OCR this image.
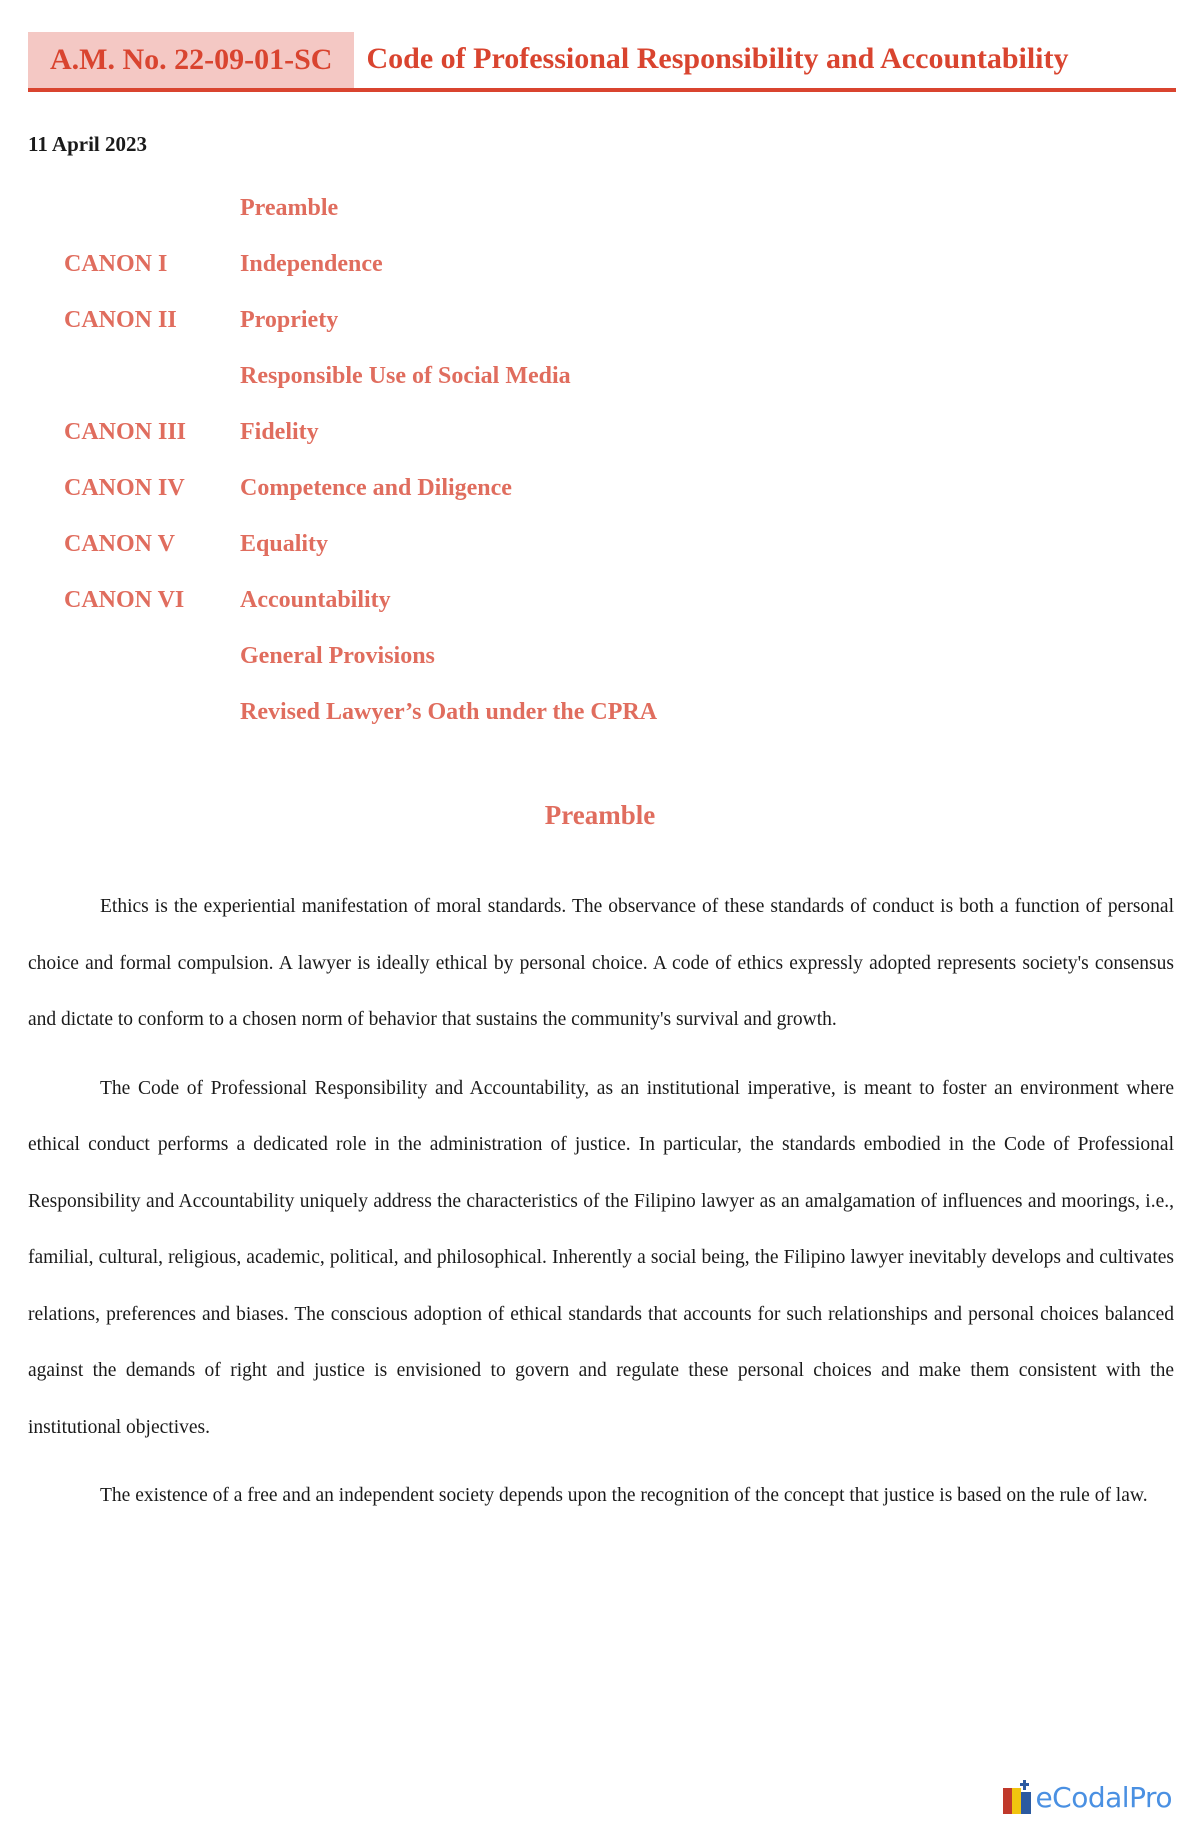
A.M. No. 22-09-01-SC	Code of Professional Responsibility and Accountability
11 April 2023
Preamble
CANON I	Independence
CANON II	Propriety
Responsible Use of Social Media
CANON III	Fidelity
CANON IV	Competence and Diligence
CANON V	Equality
CANON VI	Accountability
General Provisions
Revised Lawyer’s Oath under the CPRA
Preamble

Ethics is the experiential manifestation of moral standards. The observance of these standards of conduct is both a function of personal choice and formal compulsion. A lawyer is ideally ethical by personal choice. A code of ethics expressly adopted represents society's consensus and dictate to conform to a chosen norm of behavior that sustains the community's survival and growth.

The Code of Professional Responsibility and Accountability, as an institutional imperative, is meant to foster an environment where ethical conduct performs a dedicated role in the administration of justice. In particular, the standards embodied in the Code of Professional Responsibility and Accountability uniquely address the characteristics of the Filipino lawyer as an amalgamation of influences and moorings, i.e., familial, cultural, religious, academic, political, and philosophical. Inherently a social being, the Filipino lawyer inevitably develops and cultivates relations, preferences and biases. The conscious adoption of ethical standards that accounts for such relationships and personal choices balanced against the demands of right and justice is envisioned to govern and regulate these personal choices and make them consistent with the institutional objectives.

The existence of a free and an independent society depends upon the recognition of the concept that justice is based on the rule of law.

eCodalPro
